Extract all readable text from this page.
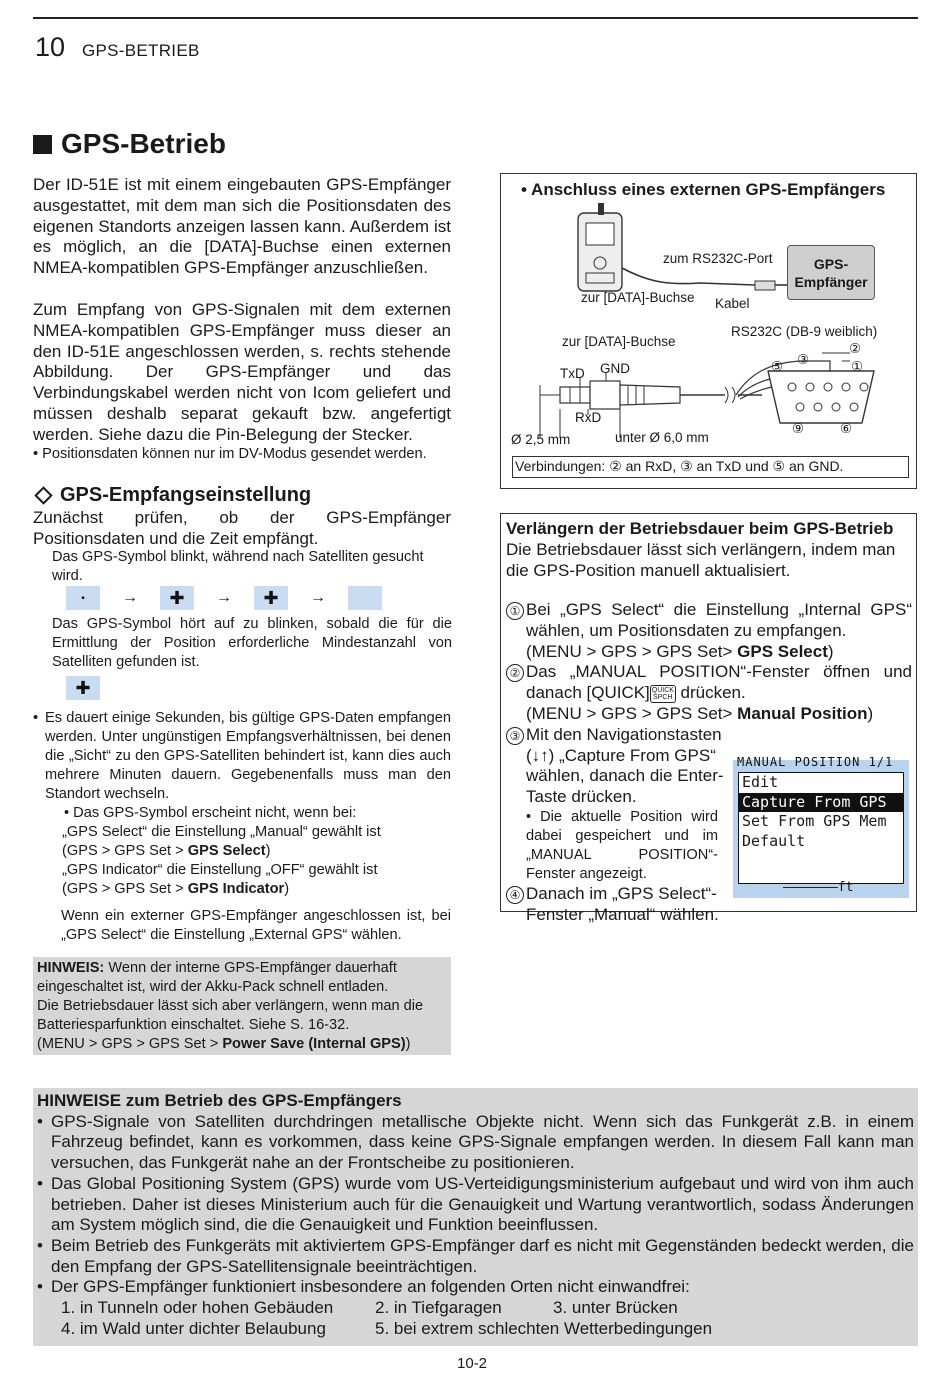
10 GPS-BETRIEB
GPS-Betrieb
Der ID-51E ist mit einem eingebauten GPS-Empfänger ausgestattet, mit dem man sich die Positionsdaten des eigenen Standorts anzeigen lassen kann. Außerdem ist es möglich, an die [DATA]-Buchse einen externen NMEA-kompatiblen GPS-Empfänger anzuschließen.
Zum Empfang von GPS-Signalen mit dem externen NMEA-kompatiblen GPS-Empfänger muss dieser an den ID-51E angeschlossen werden, s. rechts stehende Abbildung. Der GPS-Empfänger und das Verbindungskabel werden nicht von Icom geliefert und müssen deshalb separat gekauft bzw. angefertigt werden. Siehe dazu die Pin-Belegung der Stecker.
• Positionsdaten können nur im DV-Modus gesendet werden.
GPS-Empfangseinstellung
Zunächst prüfen, ob der GPS-Empfänger Positionsdaten und die Zeit empfängt.
Das GPS-Symbol blinkt, während nach Satelliten gesucht wird.
▪	→	✚	→	✚	→
Das GPS-Symbol hört auf zu blinken, sobald die für die Ermittlung der Position erforderliche Mindestanzahl von Satelliten gefunden ist.
✚
• Es dauert einige Sekunden, bis gültige GPS-Daten empfangen werden. Unter ungünstigen Empfangsverhältnissen, bei denen die „Sicht“ zu den GPS-Satelliten behindert ist, kann dies auch mehrere Minuten dauern. Gegebenenfalls muss man den Standort wechseln.
• Das GPS-Symbol erscheint nicht, wenn bei:
„GPS Select“ die Einstellung „Manual“ gewählt ist
(GPS > GPS Set > GPS Select)
„GPS Indicator“ die Einstellung „OFF“ gewählt ist
(GPS > GPS Set > GPS Indicator)
Wenn ein externer GPS-Empfänger angeschlossen ist, bei „GPS Select“ die Einstellung „External GPS“ wählen.
HINWEIS: Wenn der interne GPS-Empfänger dauerhaft eingeschaltet ist, wird der Akku-Pack schnell entladen.
Die Betriebsdauer lässt sich aber verlängern, wenn man die Batteriesparfunktion einschaltet. Siehe S. 16-32.
(MENU > GPS > GPS Set > Power Save (Internal GPS))
• Anschluss eines externen GPS-Empfängers
zum RS232C-Port
zur [DATA]-Buchse Kabel
GPS-
Empfänger
zur [DATA]-Buchse
RS232C (DB-9 weiblich)
TxD GND
RxD
Ø 2,5 mm	unter Ø 6,0 mm
②
③
⑤	①
⑨	⑥
Verbindungen: ② an RxD, ③ an TxD und ⑤ an GND.
Verlängern der Betriebsdauer beim GPS-Betrieb
Die Betriebsdauer lässt sich verlängern, indem man die GPS-Position manuell aktualisiert.
① Bei „GPS Select“ die Einstellung „Internal GPS“ wählen, um Positionsdaten zu empfangen.
(MENU > GPS > GPS Set> GPS Select)
② Das „MANUAL POSITION“-Fenster öffnen und danach [QUICK] QUICK SPCH drücken.
(MENU > GPS > GPS Set> Manual Position)
③ Mit den Navigationstasten (↓↑) „Capture From GPS“ wählen, danach die Enter-Taste drücken.
• Die aktuelle Position wird dabei gespeichert und im „MANUAL POSITION“-Fenster angezeigt.
④ Danach im „GPS Select“-Fenster „Manual“ wählen.
MANUAL POSITION 1/1
Edit
Capture From GPS
Set From GPS Mem
Default
———————ft
HINWEISE zum Betrieb des GPS-Empfängers
• GPS-Signale von Satelliten durchdringen metallische Objekte nicht. Wenn sich das Funkgerät z.B. in einem Fahrzeug befindet, kann es vorkommen, dass keine GPS-Signale empfangen werden. In diesem Fall kann man versuchen, das Funkgerät nahe an der Frontscheibe zu positionieren.
• Das Global Positioning System (GPS) wurde vom US-Verteidigungsministerium aufgebaut und wird von ihm auch betrieben. Daher ist dieses Ministerium auch für die Genauigkeit und Wartung verantwortlich, sodass Änderungen am System möglich sind, die die Genauigkeit und Funktion beeinflussen.
• Beim Betrieb des Funkgeräts mit aktiviertem GPS-Empfänger darf es nicht mit Gegenständen bedeckt werden, die den Empfang der GPS-Satellitensignale beeinträchtigen.
• Der GPS-Empfänger funktioniert insbesondere an folgenden Orten nicht einwandfrei:
1. in Tunneln oder hohen Gebäuden	2. in Tiefgaragen	3. unter Brücken
4. im Wald unter dichter Belaubung	5. bei extrem schlechten Wetterbedingungen
10-2
